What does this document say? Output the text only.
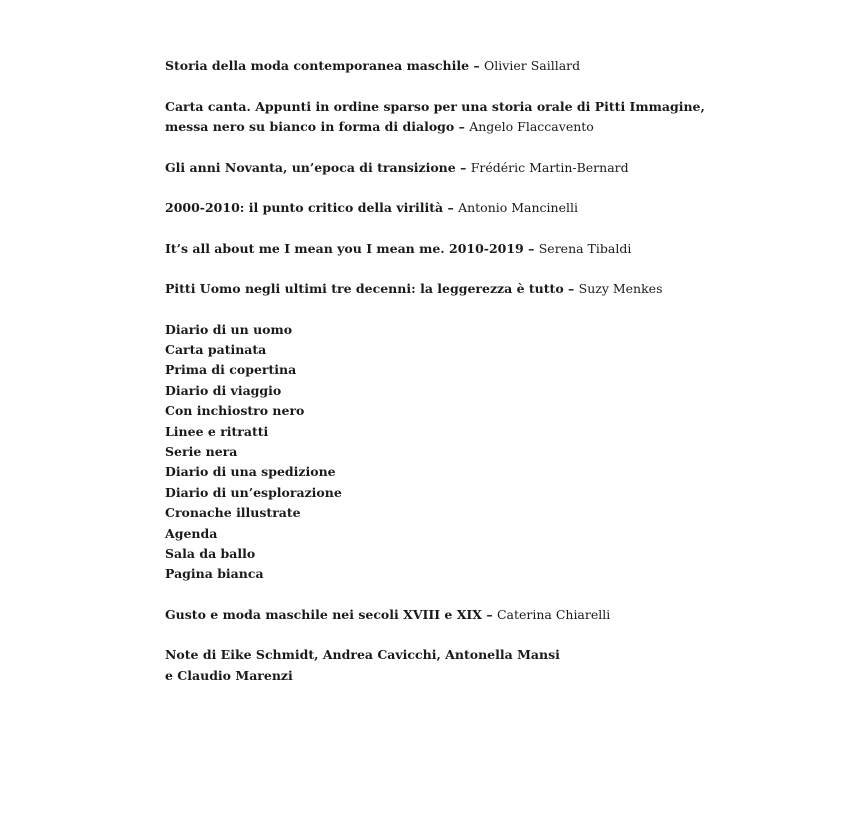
Storia della moda contemporanea maschile – Olivier Saillard
Carta canta. Appunti in ordine sparso per una storia orale di Pitti Immagine,
messa nero su bianco in forma di dialogo – Angelo Flaccavento
Gli anni Novanta, un’epoca di transizione – Frédéric Martin-Bernard
2000-2010: il punto critico della virilità – Antonio Mancinelli
It’s all about me I mean you I mean me. 2010-2019 – Serena Tibaldi
Pitti Uomo negli ultimi tre decenni: la leggerezza è tutto – Suzy Menkes
Diario di un uomo
Carta patinata
Prima di copertina
Diario di viaggio
Con inchiostro nero
Linee e ritratti
Serie nera
Diario di una spedizione
Diario di un’esplorazione
Cronache illustrate
Agenda
Sala da ballo
Pagina bianca
Gusto e moda maschile nei secoli XVIII e XIX – Caterina Chiarelli
Note di Eike Schmidt, Andrea Cavicchi, Antonella Mansi
e Claudio Marenzi
